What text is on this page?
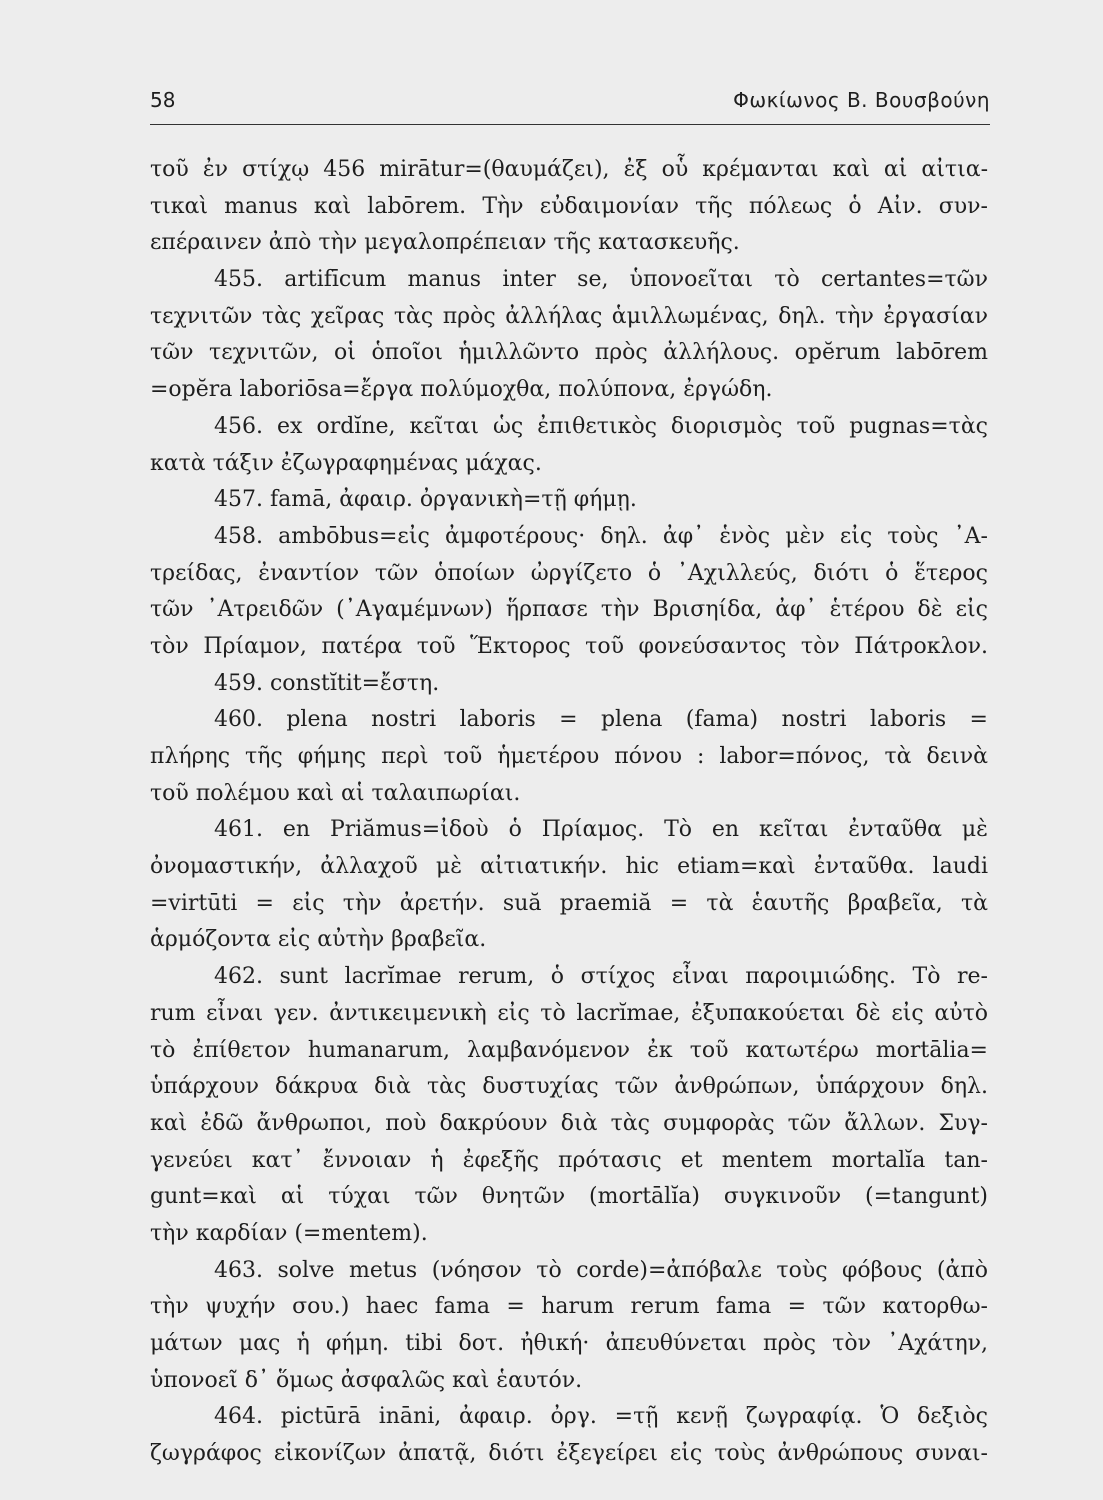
58	Φωκίωνος Β. Βουσβούνη
τοῦ ἐν στίχῳ 456 mirātur=(θαυμάζει), ἐξ οὗ κρέμανται καὶ αἱ αἰτια-
τικαὶ manus καὶ labōrem. Τὴν εὐδαιμονίαν τῆς πόλεως ὁ Αἰν. συν-
επέραινεν ἀπὸ τὴν μεγαλοπρέπειαν τῆς κατασκευῆς.
455. artifīcum manus inter se, ὑπονοεῖται τὸ certantes=τῶν
τεχνιτῶν τὰς χεῖρας τὰς πρὸς ἀλλήλας ἁμιλλωμένας, δηλ. τὴν ἐργασίαν
τῶν τεχνιτῶν, οἱ ὁποῖοι ἡμιλλῶντο πρὸς ἀλλήλους. opĕrum labōrem
=opĕra laboriōsa=ἔργα πολύμοχθα, πολύπονα, ἐργώδη.
456. ex ordĭne, κεῖται ὡς ἐπιθετικὸς διορισμὸς τοῦ pugnas=τὰς
κατὰ τάξιν ἐζωγραφημένας μάχας.
457. famā, ἀφαιρ. ὀργανικὴ=τῇ φήμῃ.
458. ambōbus=εἰς ἀμφοτέρους· δηλ. ἀφ᾽ ἑνὸς μὲν εἰς τοὺς ᾽Α-
τρείδας, ἐναντίον τῶν ὁποίων ὠργίζετο ὁ ᾽Αχιλλεύς, διότι ὁ ἕτερος
τῶν ᾽Ατρειδῶν (᾽Αγαμέμνων) ἥρπασε τὴν Βρισηίδα, ἀφ᾽ ἑτέρου δὲ εἰς
τὸν Πρίαμον, πατέρα τοῦ Ἕκτορος τοῦ φονεύσαντος τὸν Πάτροκλον.
459. constĭtit=ἔστη.
460. plena nostri laboris = plena (fama) nostri laboris =
πλήρης τῆς φήμης περὶ τοῦ ἡμετέρου πόνου : labor=πόνος, τὰ δεινὰ
τοῦ πολέμου καὶ αἱ ταλαιπωρίαι.
461. en Priămus=ἰδοὺ ὁ Πρίαμος. Τὸ en κεῖται ἐνταῦθα μὲ
ὀνομαστικήν, ἀλλαχοῦ μὲ αἰτιατικήν. hic etiam=καὶ ἐνταῦθα. laudi
=virtūti = εἰς τὴν ἀρετήν. suă praemiă = τὰ ἑαυτῆς βραβεῖα, τὰ
ἁρμόζοντα εἰς αὐτὴν βραβεῖα.
462. sunt lacrĭmae rerum, ὁ στίχος εἶναι παροιμιώδης. Τὸ re-
rum εἶναι γεν. ἀντικειμενικὴ εἰς τὸ lacrĭmae, ἐξυπακούεται δὲ εἰς αὐτὸ
τὸ ἐπίθετον humanarum, λαμβανόμενον ἐκ τοῦ κατωτέρω mortālia=
ὑπάρχουν δάκρυα διὰ τὰς δυστυχίας τῶν ἀνθρώπων, ὑπάρχουν δηλ.
καὶ ἐδῶ ἄνθρωποι, ποὺ δακρύουν διὰ τὰς συμφορὰς τῶν ἄλλων. Συγ-
γενεύει κατ᾽ ἔννοιαν ἡ ἐφεξῆς πρότασις et mentem mortalĭa tan-
gunt=καὶ αἱ τύχαι τῶν θνητῶν (mortālĭa) συγκινοῦν (=tangunt)
τὴν καρδίαν (=mentem).
463. solve metus (νόησον τὸ corde)=ἀπόβαλε τοὺς φόβους (ἀπὸ
τὴν ψυχήν σου.) haec fama = harum rerum fama = τῶν κατορθω-
μάτων μας ἡ φήμη. tibi δοτ. ἠθική· ἀπευθύνεται πρὸς τὸν ᾽Αχάτην,
ὑπονοεῖ δ᾽ ὅμως ἀσφαλῶς καὶ ἑαυτόν.
464. pictūrā ināni, ἀφαιρ. ὀργ. =τῇ κενῇ ζωγραφίᾳ. Ὁ δεξιὸς
ζωγράφος εἰκονίζων ἀπατᾷ, διότι ἐξεγείρει εἰς τοὺς ἀνθρώπους συναι-
